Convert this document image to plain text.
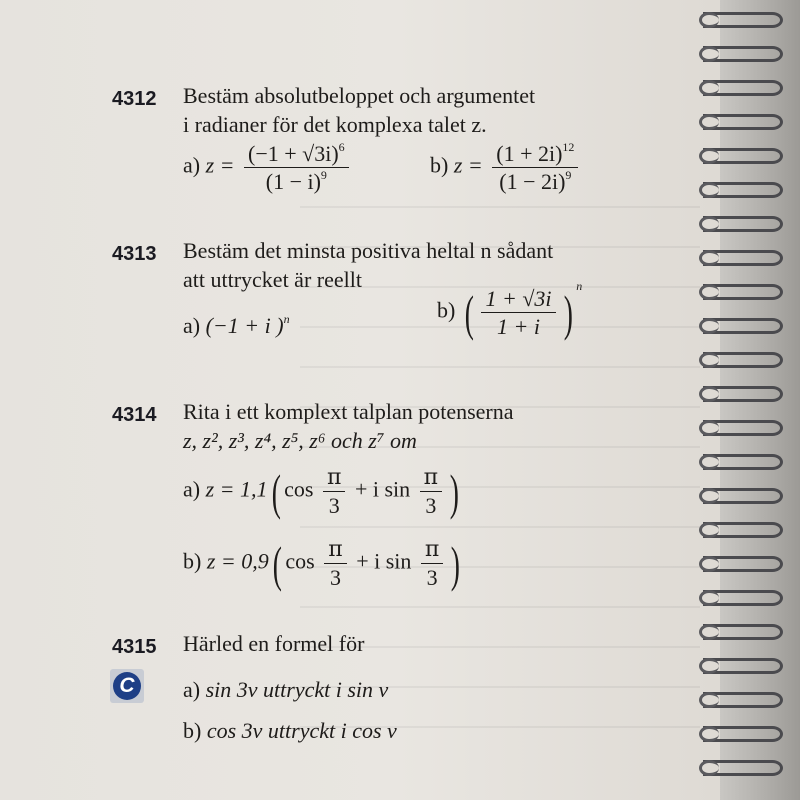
4312 Bestäm absolutbeloppet och argumentet
i radianer för det komplexa talet z.
a) $z = \frac{(-1 + √3i)^6}{(1 - i)^9}$	b) $z = \frac{(1 + 2i)^{12}}{(1 - 2i)^9}$
4313 Bestäm det minsta positiva heltal n sådant
att uttrycket är reellt
a) (−1 + i )$^n$	b) ( $\frac{1 + √3i}{1 + i}$ ) $^n$
4314 Rita i ett komplext talplan potenserna
z, z², z³, z⁴, z⁵, z⁶ och z⁷ om
a) z = 1,1( $\cos \frac{\pi}{3} + i$ $\sin \frac{\pi}{3}$ )
b) z = 0,9( $\cos \frac{\pi}{3} + i$ $\sin \frac{\pi}{3}$ )
4315 Härled en formel för
C a) sin 3v uttryckt i sin v
b) cos 3v uttryckt i cos v
